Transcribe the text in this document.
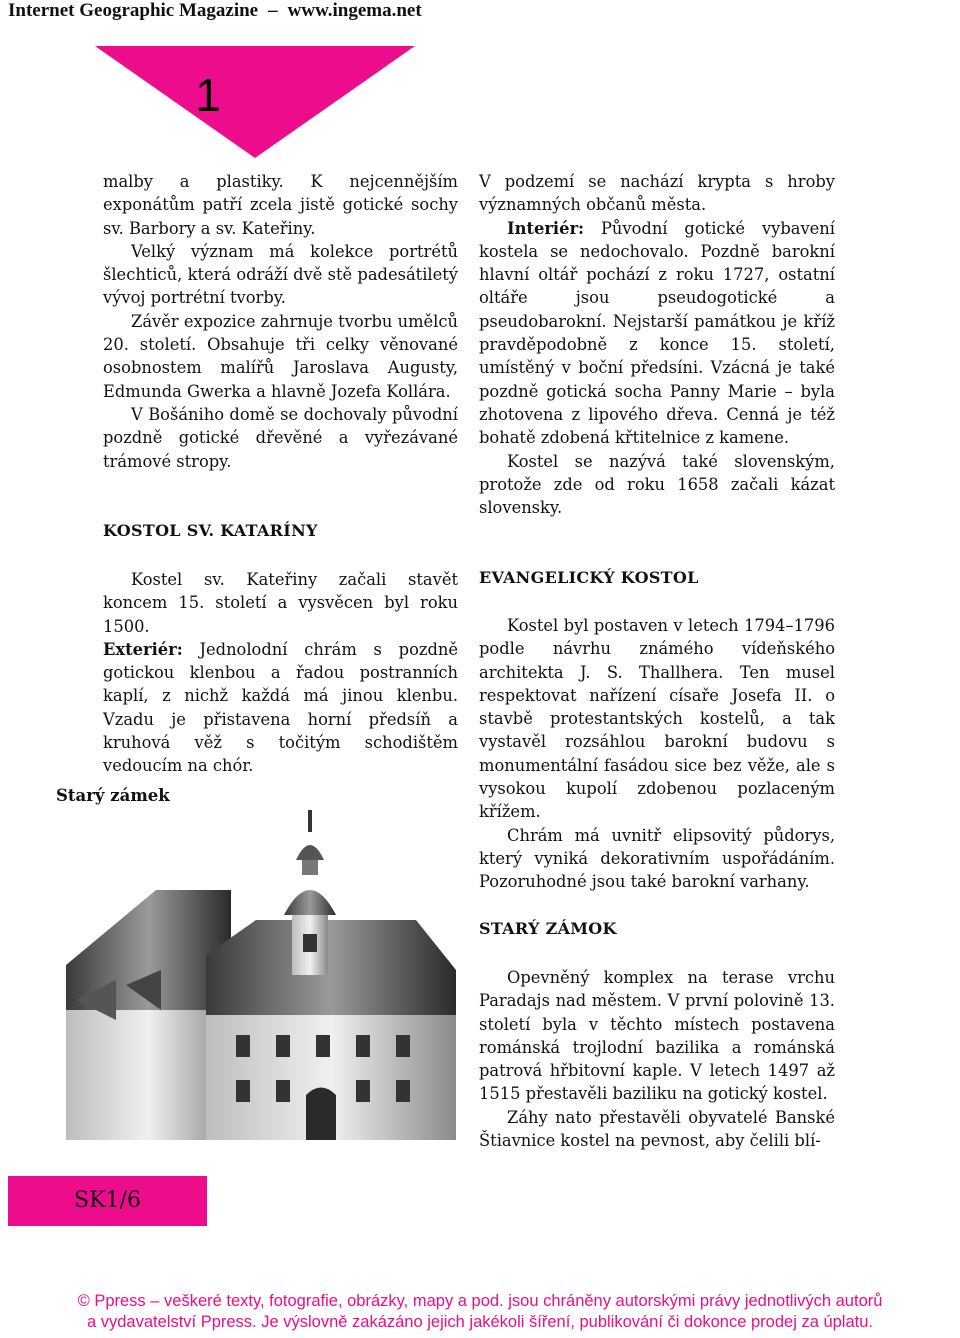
Internet Geographic Magazine – www.ingema.net
1

malby a plastiky. K nejcennějším exponátům patří zcela jistě gotické sochy sv. Barbory a sv. Kateřiny.

Velký význam má kolekce portrétů šlechticů, která odráží dvě stě padesátiletý vývoj portrétní tvorby.

Závěr expozice zahrnuje tvorbu umělců 20. století. Obsahuje tři celky věnované osobnostem malířů Jaroslava Augusty, Edmunda Gwerka a hlavně Jozefa Kollára.

V Bošániho domě se dochovaly původní pozdně gotické dřevěné a vyřezávané trámové stropy.

KOSTOL SV. KATARÍNY

Kostel sv. Kateřiny začali stavět koncem 15. století a vysvěcen byl roku 1500.

Exteriér: Jednolodní chrám s pozdně gotickou klenbou a řadou postranních kaplí, z nichž každá má jinou klenbu. Vzadu je přistavena horní předsíň a kruhová věž s točitým schodištěm vedoucím na chór.

V podzemí se nachází krypta s hroby významných občanů města.

Interiér: Původní gotické vybavení kostela se nedochovalo. Pozdně barokní hlavní oltář pochází z roku 1727, ostatní oltáře jsou pseudogotické a pseudobarokní. Nejstarší památkou je kříž pravděpodobně z konce 15. století, umístěný v boční předsíni. Vzácná je také pozdně gotická socha Panny Marie – byla zhotovena z lipového dřeva. Cenná je též bohatě zdobená křtitelnice z kamene.

Kostel se nazývá také slovenským, protože zde od roku 1658 začali kázat slovensky.

EVANGELICKÝ KOSTOL

Kostel byl postaven v letech 1794–1796 podle návrhu známého vídeňského architekta J. S. Thallhera. Ten musel respektovat nařízení císaře Josefa II. o stavbě protestantských kostelů, a tak vystavěl rozsáhlou barokní budovu s monumentální fasádou sice bez věže, ale s vysokou kupolí zdobenou pozlaceným křížem.

Chrám má uvnitř elipsovitý půdorys, který vyniká dekorativním uspořádáním. Pozoruhodné jsou také barokní varhany.

STARÝ ZÁMOK

Opevněný komplex na terase vrchu Paradajs nad městem. V první polovině 13. století byla v těchto místech postavena románská trojlodní bazilika a románská patrová hřbitovní kaple. V letech 1497 až 1515 přestavěli baziliku na gotický kostel.

Záhy nato přestavěli obyvatelé Banské Štiavnice kostel na pevnost, aby čelili blí-

Starý zámek
SK1/6
© Ppress – veškeré texty, fotografie, obrázky, mapy a pod. jsou chráněny autorskými právy jednotlivých autorů
a vydavatelství Ppress. Je výslovně zakázáno jejich jakékoli šíření, publikování či dokonce prodej za úplatu.
